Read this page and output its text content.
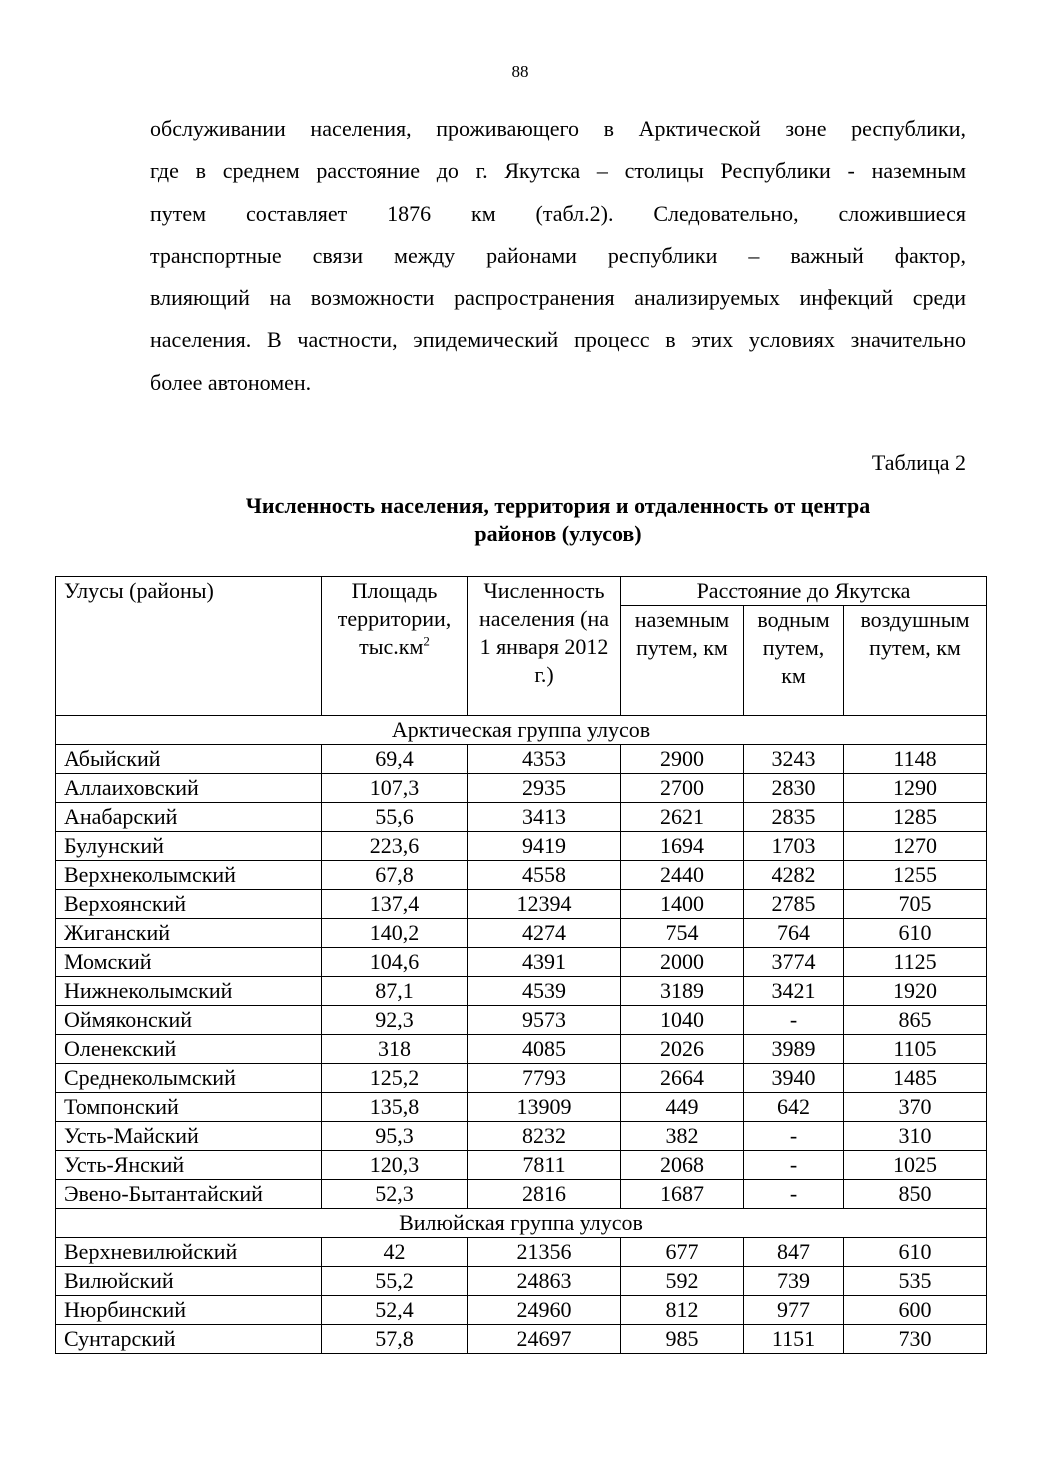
88
обслуживании населения, проживающего в Арктической зоне республики,
где в среднем расстояние до г. Якутска – столицы Республики - наземным
путем составляет 1876 км (табл.2). Следовательно, сложившиеся
транспортные связи между районами республики – важный фактор,
влияющий на возможности распространения анализируемых инфекций среди
населения. В частности, эпидемический процесс в этих условиях значительно
более автономен.
Таблица 2
Численность населения, территория и отдаленность от центра
районов (улусов)
Улусы (районы)	Площадь территории, $тыс.км^2$	Численность населения (на 1 января 2012 г.)	Расстояние до Якутска		
			наземным путем, км	водным путем, км	воздушным путем, км
Арктическая группа улусов					
Абыйский	69,4	4353	2900	3243	1148
Аллаиховский	107,3	2935	2700	2830	1290
Анабарский	55,6	3413	2621	2835	1285
Булунский	223,6	9419	1694	1703	1270
Верхнеколымский	67,8	4558	2440	4282	1255
Верхоянский	137,4	12394	1400	2785	705
Жиганский	140,2	4274	754	764	610
Момский	104,6	4391	2000	3774	1125
Нижнеколымский	87,1	4539	3189	3421	1920
Оймяконский	92,3	9573	1040	-	865
Оленекский	318	4085	2026	3989	1105
Среднеколымский	125,2	7793	2664	3940	1485
Томпонский	135,8	13909	449	642	370
Усть-Майский	95,3	8232	382	-	310
Усть-Янский	120,3	7811	2068	-	1025
Эвено-Бытантайский	52,3	2816	1687	-	850
Вилюйская группа улусов					
Верхневилюйский	42	21356	677	847	610
Вилюйский	55,2	24863	592	739	535
Нюрбинский	52,4	24960	812	977	600
Сунтарский	57,8	24697	985	1151	730
